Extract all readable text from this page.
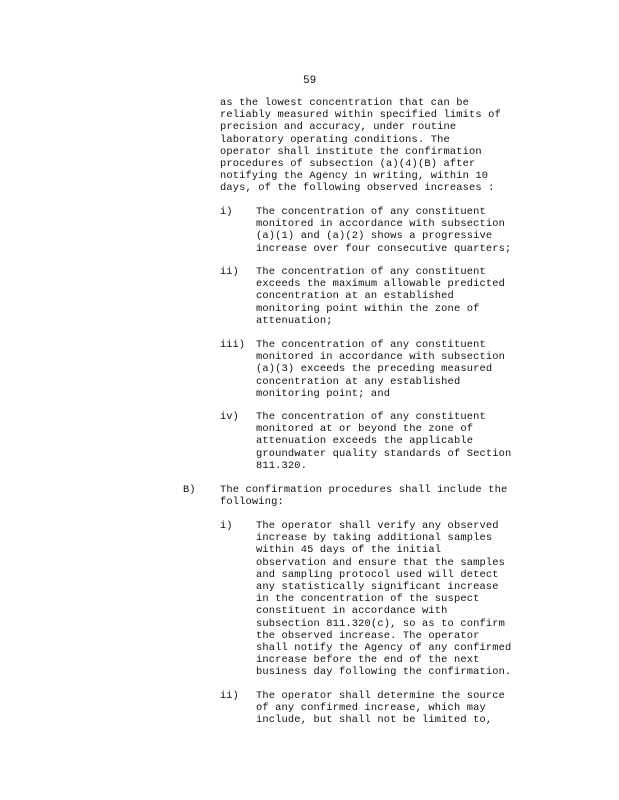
59
as the lowest concentration that can be
reliably measured within specified limits of
precision and accuracy, under routine
laboratory operating conditions. The
operator shall institute the confirmation
procedures of subsection (a)(4)(B) after
notifying the Agency in writing, within 10
days, of the following observed increases :
i) The concentration of any constituent
monitored in accordance with subsection
(a)(1) and (a)(2) shows a progressive
increase over four consecutive quarters;
ii) The concentration of any constituent
exceeds the maximum allowable predicted
concentration at an established
monitoring point within the zone of
attenuation;
iii) The concentration of any constituent
monitored in accordance with subsection
(a)(3) exceeds the preceding measured
concentration at any established
monitoring point; and
iv) The concentration of any constituent
monitored at or beyond the zone of
attenuation exceeds the applicable
groundwater quality standards of Section
811.320.
B) The confirmation procedures shall include the
following:
i) The operator shall verify any observed
increase by taking additional samples
within 45 days of the initial
observation and ensure that the samples
and sampling protocol used will detect
any statistically significant increase
in the concentration of the suspect
constituent in accordance with
subsection 811.320(c), so as to confirm
the observed increase. The operator
shall notify the Agency of any confirmed
increase before the end of the next
business day following the confirmation.
ii) The operator shall determine the source
of any confirmed increase, which may
include, but shall not be limited to,
